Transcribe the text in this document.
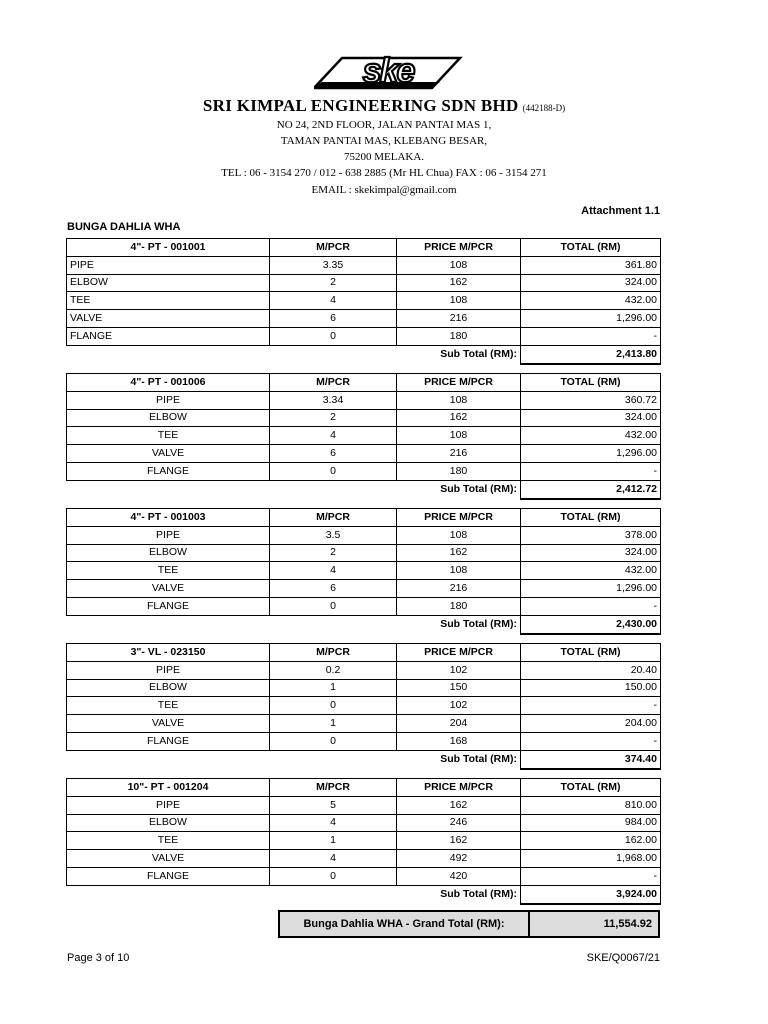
ske
SRI KIMPAL ENGINEERING SDN BHD (442188-D)
NO 24, 2ND FLOOR, JALAN PANTAI MAS 1,
TAMAN PANTAI MAS, KLEBANG BESAR,
75200 MELAKA.
TEL : 06 - 3154 270 / 012 - 638 2885 (Mr HL Chua) FAX : 06 - 3154 271
EMAIL : skekimpal@gmail.com
Attachment 1.1
BUNGA DAHLIA WHA
4"- PT - 001001	M/PCR	PRICE M/PCR	TOTAL (RM)
PIPE	3.35	108	361.80
ELBOW	2	162	324.00
TEE	4	108	432.00
VALVE	6	216	1,296.00
FLANGE	0	180	-
		Sub Total (RM):	2,413.80
4"- PT - 001006	M/PCR	PRICE M/PCR	TOTAL (RM)
PIPE	3.34	108	360.72
ELBOW	2	162	324.00
TEE	4	108	432.00
VALVE	6	216	1,296.00
FLANGE	0	180	-
		Sub Total (RM):	2,412.72
4"- PT - 001003	M/PCR	PRICE M/PCR	TOTAL (RM)
PIPE	3.5	108	378.00
ELBOW	2	162	324.00
TEE	4	108	432.00
VALVE	6	216	1,296.00
FLANGE	0	180	-
		Sub Total (RM):	2,430.00
3"- VL - 023150	M/PCR	PRICE M/PCR	TOTAL (RM)
PIPE	0.2	102	20.40
ELBOW	1	150	150.00
TEE	0	102	-
VALVE	1	204	204.00
FLANGE	0	168	-
		Sub Total (RM):	374.40
10"- PT - 001204	M/PCR	PRICE M/PCR	TOTAL (RM)
PIPE	5	162	810.00
ELBOW	4	246	984.00
TEE	1	162	162.00
VALVE	4	492	1,968.00
FLANGE	0	420	-
		Sub Total (RM):	3,924.00
Bunga Dahlia WHA - Grand Total (RM):	11,554.92
Page 3 of 10	SKE/Q0067/21
